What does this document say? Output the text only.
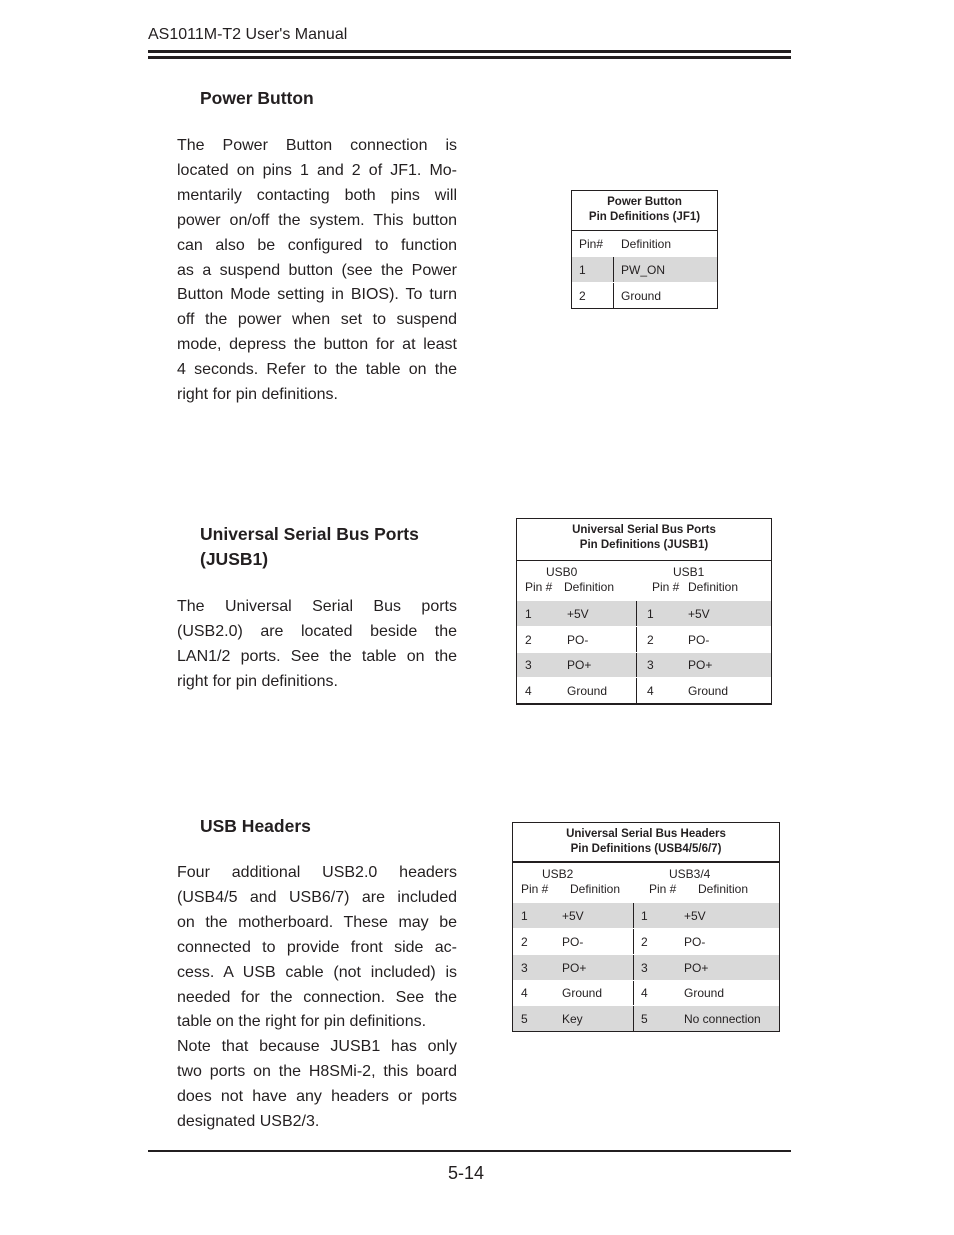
AS1011M-T2 User's Manual
Power Button

The Power Button connection is

located on pins 1 and 2 of JF1. Mo-

mentarily contacting both pins will

power on/off the system. This button

can also be configured to function

as a suspend button (see the Power

Button Mode setting in BIOS). To turn

off the power when set to suspend

mode, depress the button for at least

4 seconds. Refer to the table on the

right for pin definitions.

Power Button
Pin Definitions (JF1)
Pin# Definition
1	PW_ON
2	Ground
Universal Serial Bus Ports
(JUSB1)

The Universal Serial Bus ports

(USB2.0) are located beside the

LAN1/2 ports. See the table on the

right for pin definitions.

Universal Serial Bus Ports
Pin Definitions (JUSB1)
USB0	USB1
Pin # Definition	Pin # Definition
1	+5V	1	+5V
2	PO-	2	PO-
3	PO+	3	PO+
4	Ground	4	Ground
USB Headers

Four additional USB2.0 headers

(USB4/5 and USB6/7) are included

on the motherboard. These may be

connected to provide front side ac-

cess. A USB cable (not included) is

needed for the connection. See the

table on the right for pin definitions.

Note that because JUSB1 has only

two ports on the H8SMi-2, this board

does not have any headers or ports

designated USB2/3.

Universal Serial Bus Headers
Pin Definitions (USB4/5/6/7)
USB2	USB3/4
Pin # Definition Pin # Definition
1	+5V	1	+5V
2	PO-	2	PO-
3	PO+	3	PO+
4	Ground	4	Ground
5	Key	5	No connection
5-14
